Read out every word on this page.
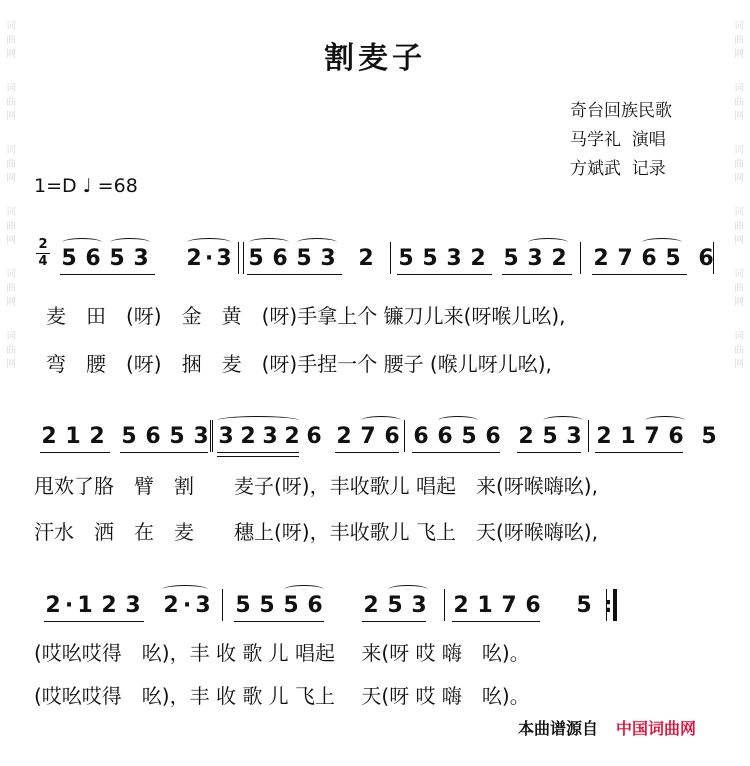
词
曲
网
词
曲
网
词
曲
网
词
曲
网
词
曲
网
词
曲
网
词
曲
网
词
曲
网
词
曲
网
词
曲
网
词
曲
网
词
曲
网
割麦子
奇台回族民歌
马学礼  演唱
方斌武  记录
1=D ♩ =68
2
4 5 6 5 3 2 · 3 5 6 5 3 2 5 5 3 2 5 3 2 2 7 6 5 6
麦　田　(呀)　金　黄　(呀)手拿上个 镰刀儿来(呀喉儿吆),
弯　腰　(呀)　捆　麦　(呀)手捏一个 腰子 (喉儿呀儿吆),
2 1 2 5 6 5 3 3 2 3 2 6 2 7 6 6 6 5 6 2 5 3 2 1 7 6 5
甩欢了胳　臂　割　　麦子(呀)，丰收歌儿 唱起　来(呀喉嗨吆),
汗水　洒　在　麦　　穗上(呀)，丰收歌儿 飞上　天(呀喉嗨吆),
2 · 1 2 3 2 · 3 5 5 5 6 2 5 3 2 1 7 6 5 :
(哎吆哎得　吆)，丰 收 歌 儿 唱起 　来(呀 哎 嗨　吆)。
(哎吆哎得　吆)，丰 收 歌 儿 飞上 　天(呀 哎 嗨　吆)。
本曲谱源自 中国词曲网
